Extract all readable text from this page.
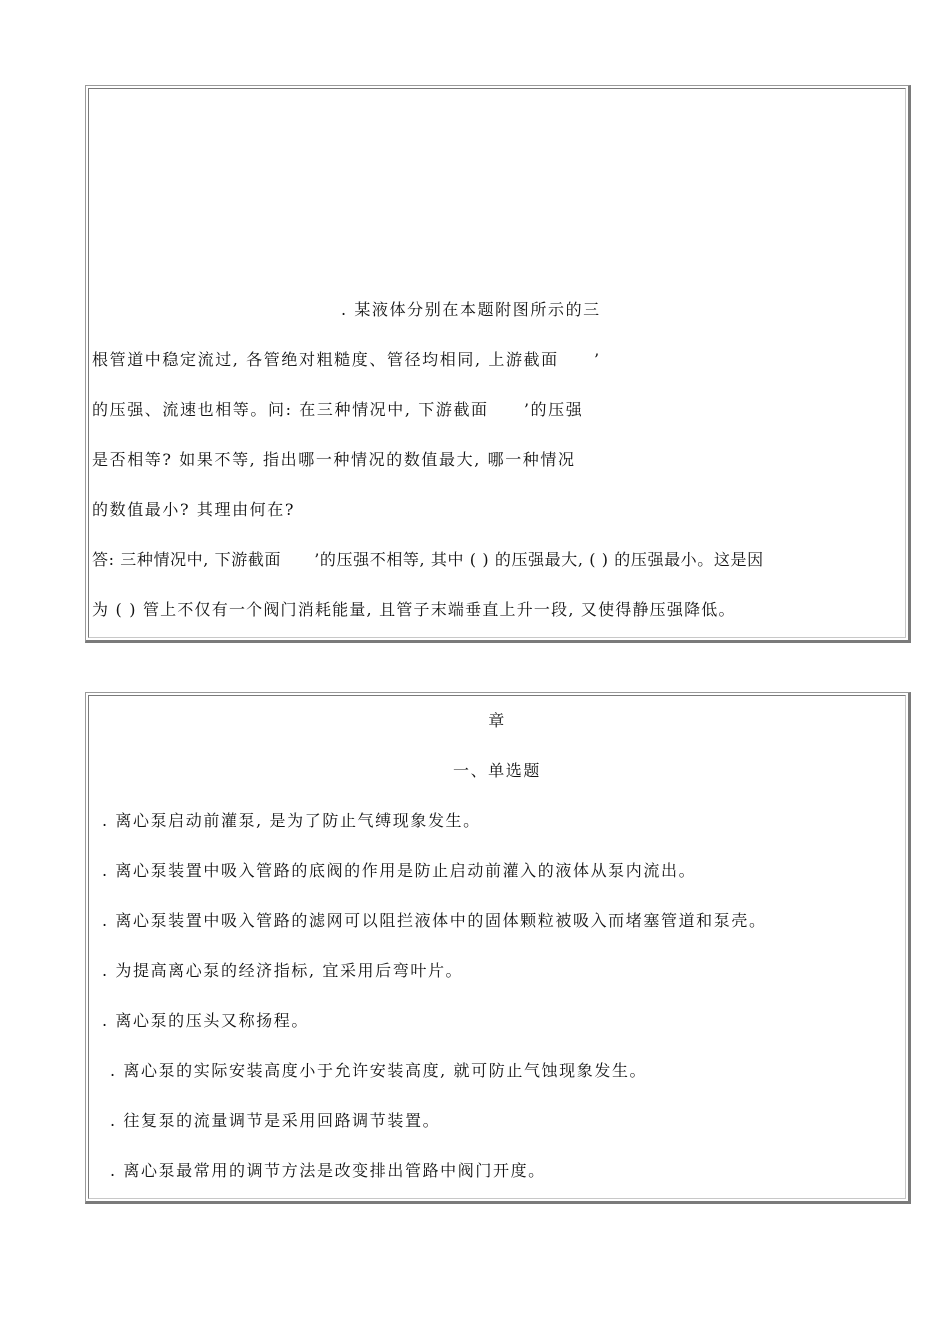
. 某液体分别在本题附图所示的三
根管道中稳定流过, 各管绝对粗糙度、管径均相同, 上游截面　　’
的压强、流速也相等。问: 在三种情况中, 下游截面　　’的压强
是否相等? 如果不等, 指出哪一种情况的数值最大, 哪一种情况
的数值最小? 其理由何在?
答: 三种情况中, 下游截面　　’的压强不相等, 其中 ( ) 的压强最大, ( ) 的压强最小。这是因
为 ( ) 管上不仅有一个阀门消耗能量, 且管子末端垂直上升一段, 又使得静压强降低。
章
一、单选题
. 离心泵启动前灌泵, 是为了防止气缚现象发生。
. 离心泵装置中吸入管路的底阀的作用是防止启动前灌入的液体从泵内流出。
. 离心泵装置中吸入管路的滤网可以阻拦液体中的固体颗粒被吸入而堵塞管道和泵壳。
. 为提高离心泵的经济指标, 宜采用后弯叶片。
. 离心泵的压头又称扬程。
. 离心泵的实际安装高度小于允许安装高度, 就可防止气蚀现象发生。
. 往复泵的流量调节是采用回路调节装置。
. 离心泵最常用的调节方法是改变排出管路中阀门开度。
